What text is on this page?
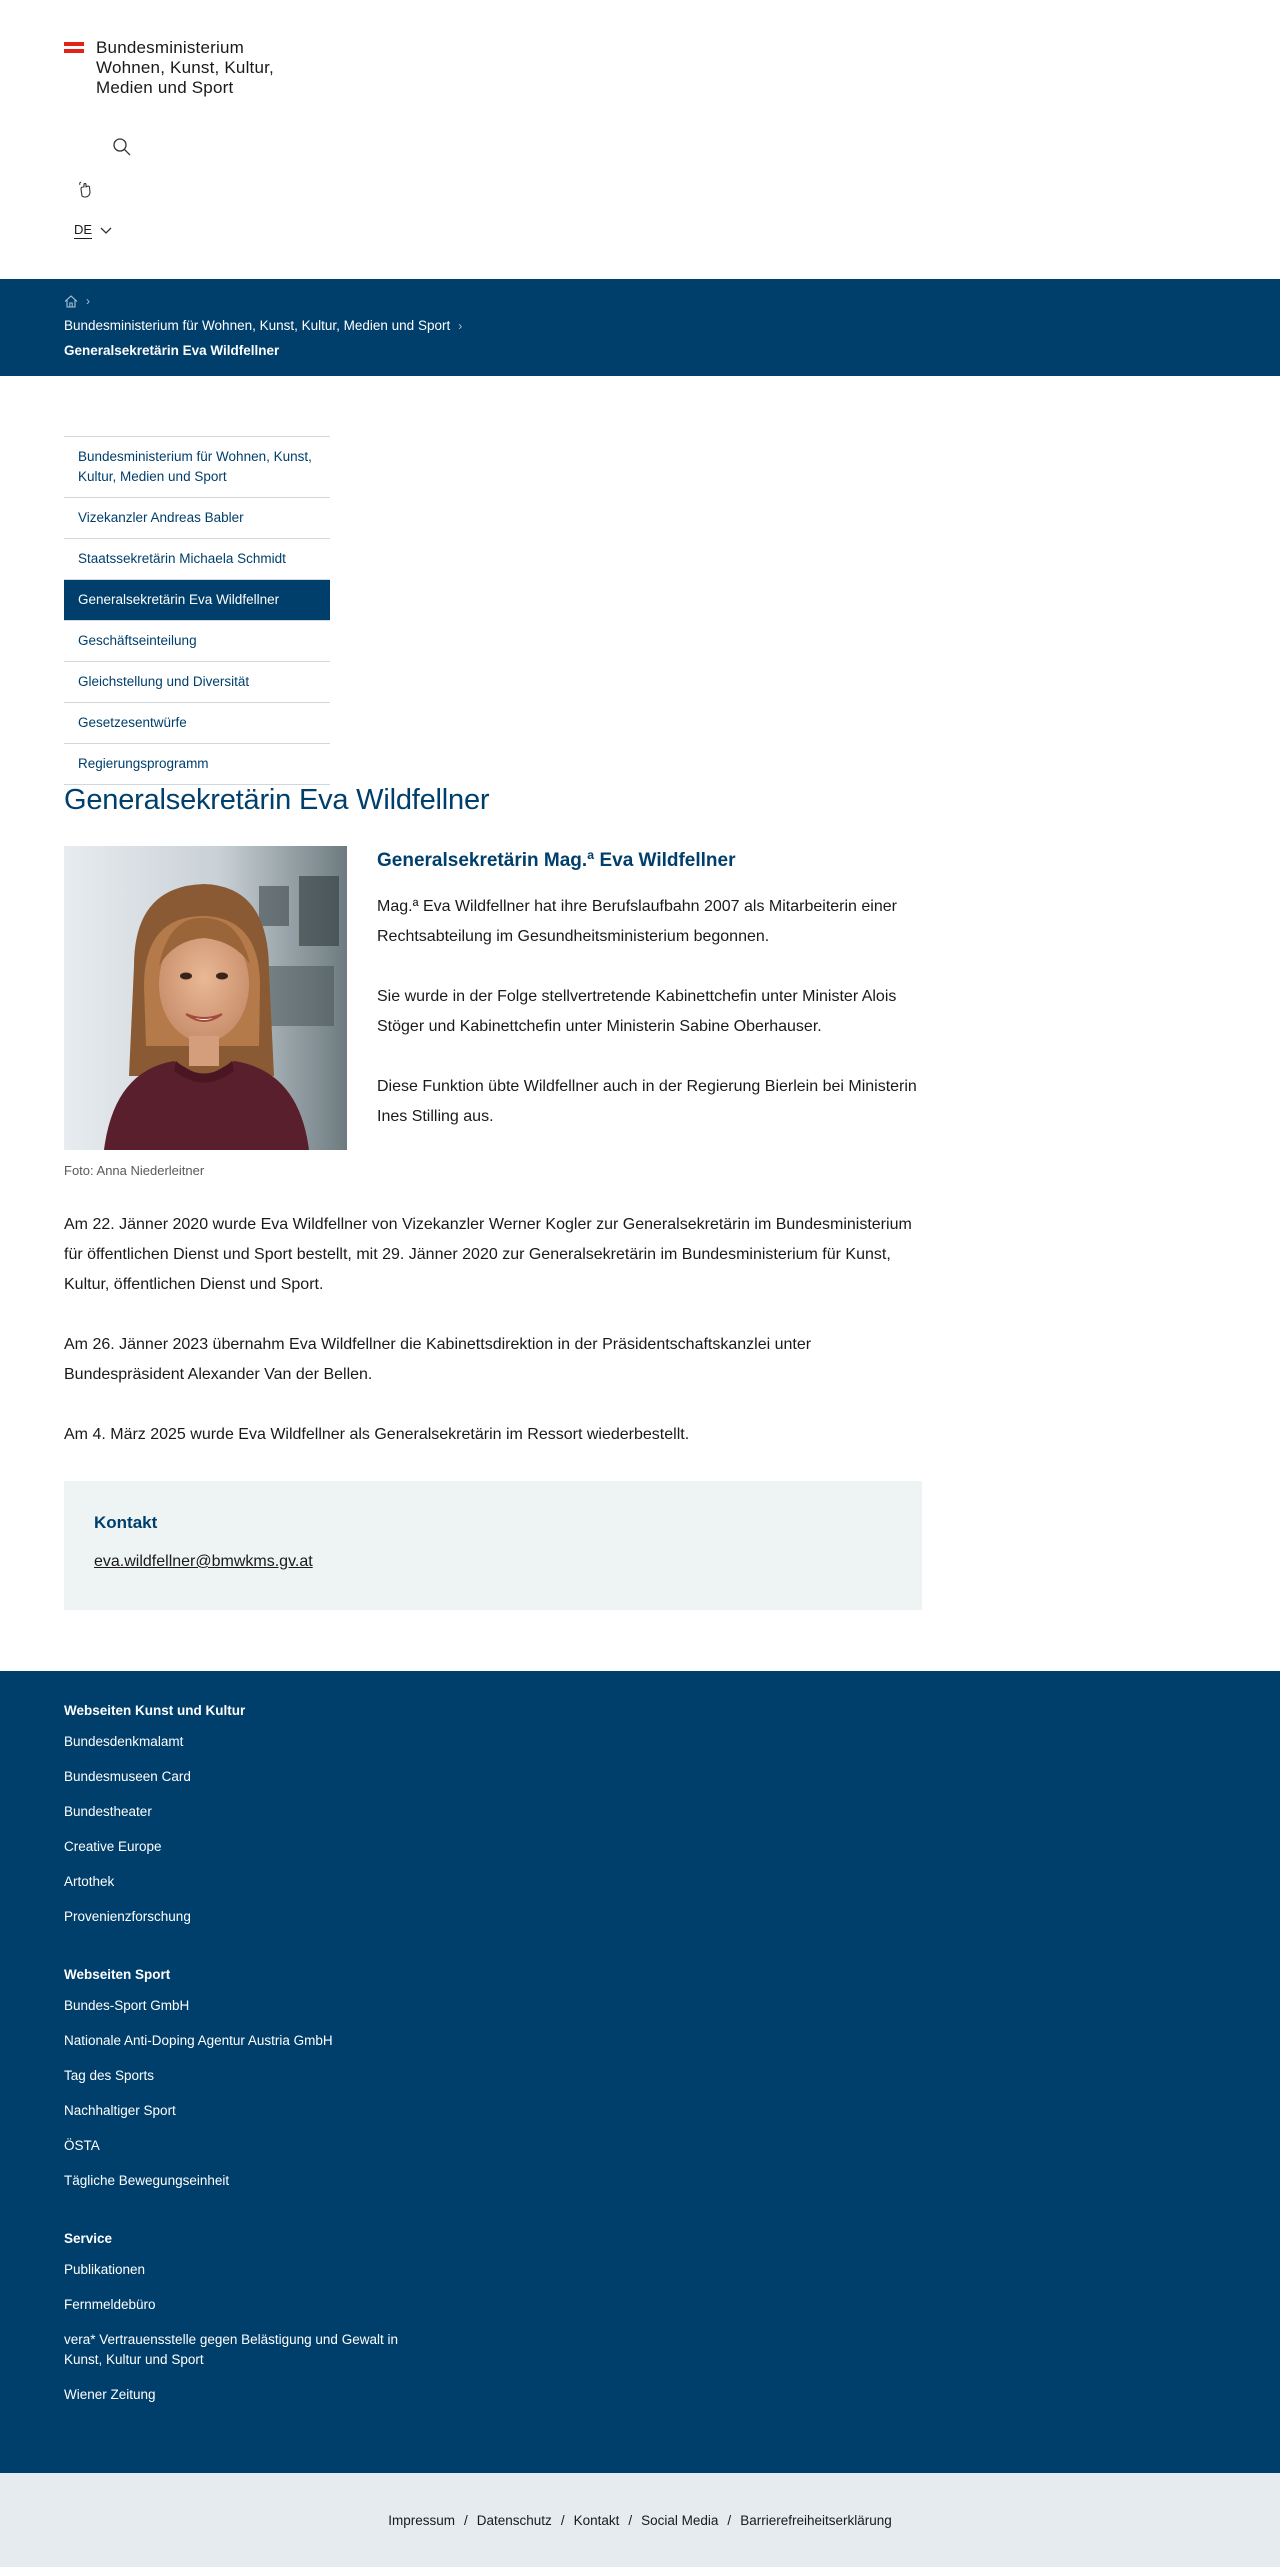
Bundesministerium
Wohnen, Kunst, Kultur,
Medien und Sport
DE
›
Bundesministerium für Wohnen, Kunst, Kultur, Medien und Sport ›
Generalsekretärin Eva Wildfellner
Bundesministerium für Wohnen, Kunst, Kultur, Medien und Sport
Vizekanzler Andreas Babler
Staatssekretärin Michaela Schmidt
Generalsekretärin Eva Wildfellner
Geschäftseinteilung
Gleichstellung und Diversität
Gesetzesentwürfe
Regierungsprogramm
Generalsekretärin Eva Wildfellner
Foto: Anna Niederleitner
Generalsekretärin Mag.ª Eva Wildfellner

Mag.ª Eva Wildfellner hat ihre Berufslaufbahn 2007 als Mitarbeiterin einer Rechtsabteilung im Gesundheitsministerium begonnen.

Sie wurde in der Folge stellvertretende Kabinettchefin unter Minister Alois Stöger und Kabinettchefin unter Ministerin Sabine Oberhauser.

Diese Funktion übte Wildfellner auch in der Regierung Bierlein bei Ministerin Ines Stilling aus.

Am 22. Jänner 2020 wurde Eva Wildfellner von Vizekanzler Werner Kogler zur Generalsekretärin im Bundesministerium für öffentlichen Dienst und Sport bestellt, mit 29. Jänner 2020 zur Generalsekretärin im Bundesministerium für Kunst, Kultur, öffentlichen Dienst und Sport.

Am 26. Jänner 2023 übernahm Eva Wildfellner die Kabinettsdirektion in der Präsidentschaftskanzlei unter Bundespräsident Alexander Van der Bellen.

Am 4. März 2025 wurde Eva Wildfellner als Generalsekretärin im Ressort wiederbestellt.

Kontakt
eva.wildfellner@bmwkms.gv.at
Webseiten Kunst und Kultur
Bundesdenkmalamt
Bundesmuseen Card
Bundestheater
Creative Europe
Artothek
Provenienzforschung
Webseiten Sport
Bundes-Sport GmbH
Nationale Anti-Doping Agentur Austria GmbH
Tag des Sports
Nachhaltiger Sport
ÖSTA
Tägliche Bewegungseinheit
Service
Publikationen
Fernmeldebüro
vera* Vertrauensstelle gegen Belästigung und Gewalt in Kunst, Kultur und Sport
Wiener Zeitung
Impressum / Datenschutz / Kontakt / Social Media / Barrierefreiheitserklärung
